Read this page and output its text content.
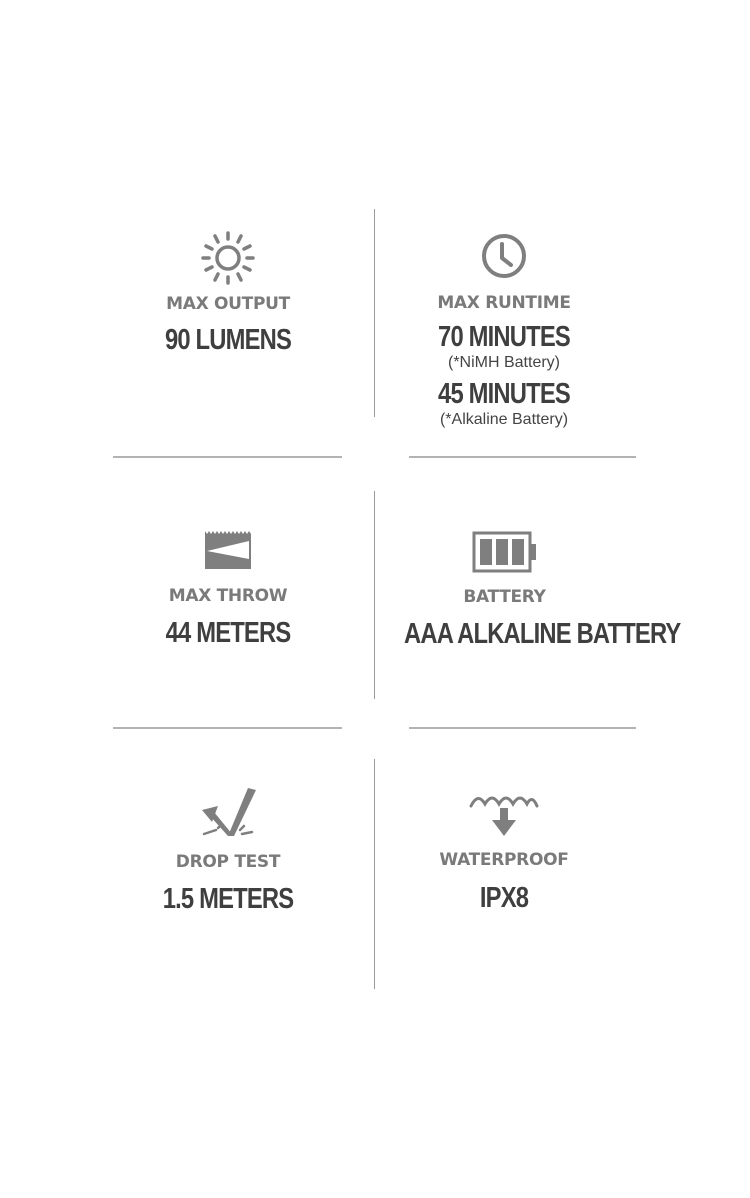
MAX OUTPUT
90 LUMENS
MAX RUNTIME
70 MINUTES
(*NiMH Battery)
45 MINUTES
(*Alkaline Battery)
MAX THROW
44 METERS
BATTERY
AAA ALKALINE BATTERY
DROP TEST
1.5 METERS
WATERPROOF
IPX8
